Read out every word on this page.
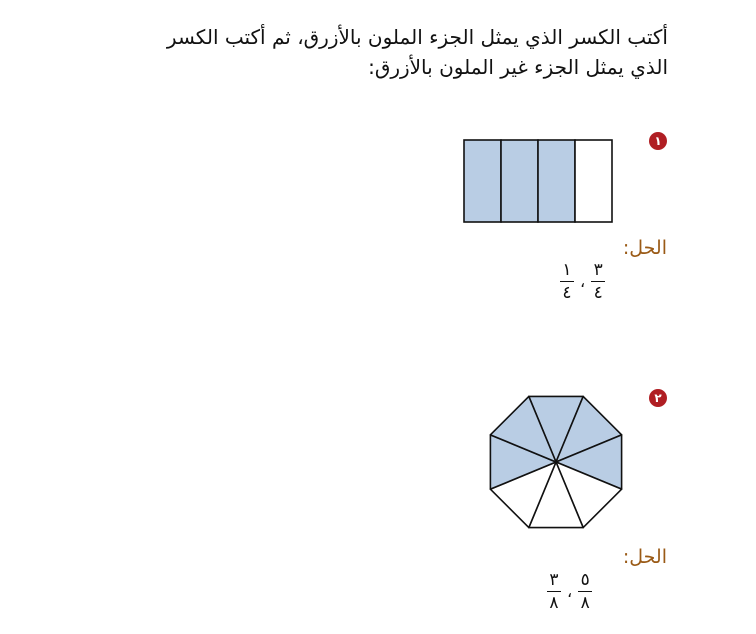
أكتب الكسر الذي يمثل الجزء الملون بالأزرق، ثم أكتب الكسر
الذي يمثل الجزء غير الملون بالأزرق:
١
الحل:
$\frac{١}{٤}$ ، $\frac{٣}{٤}$
٢
الحل:
$\frac{٣}{٨}$ ، $\frac{٥}{٨}$
